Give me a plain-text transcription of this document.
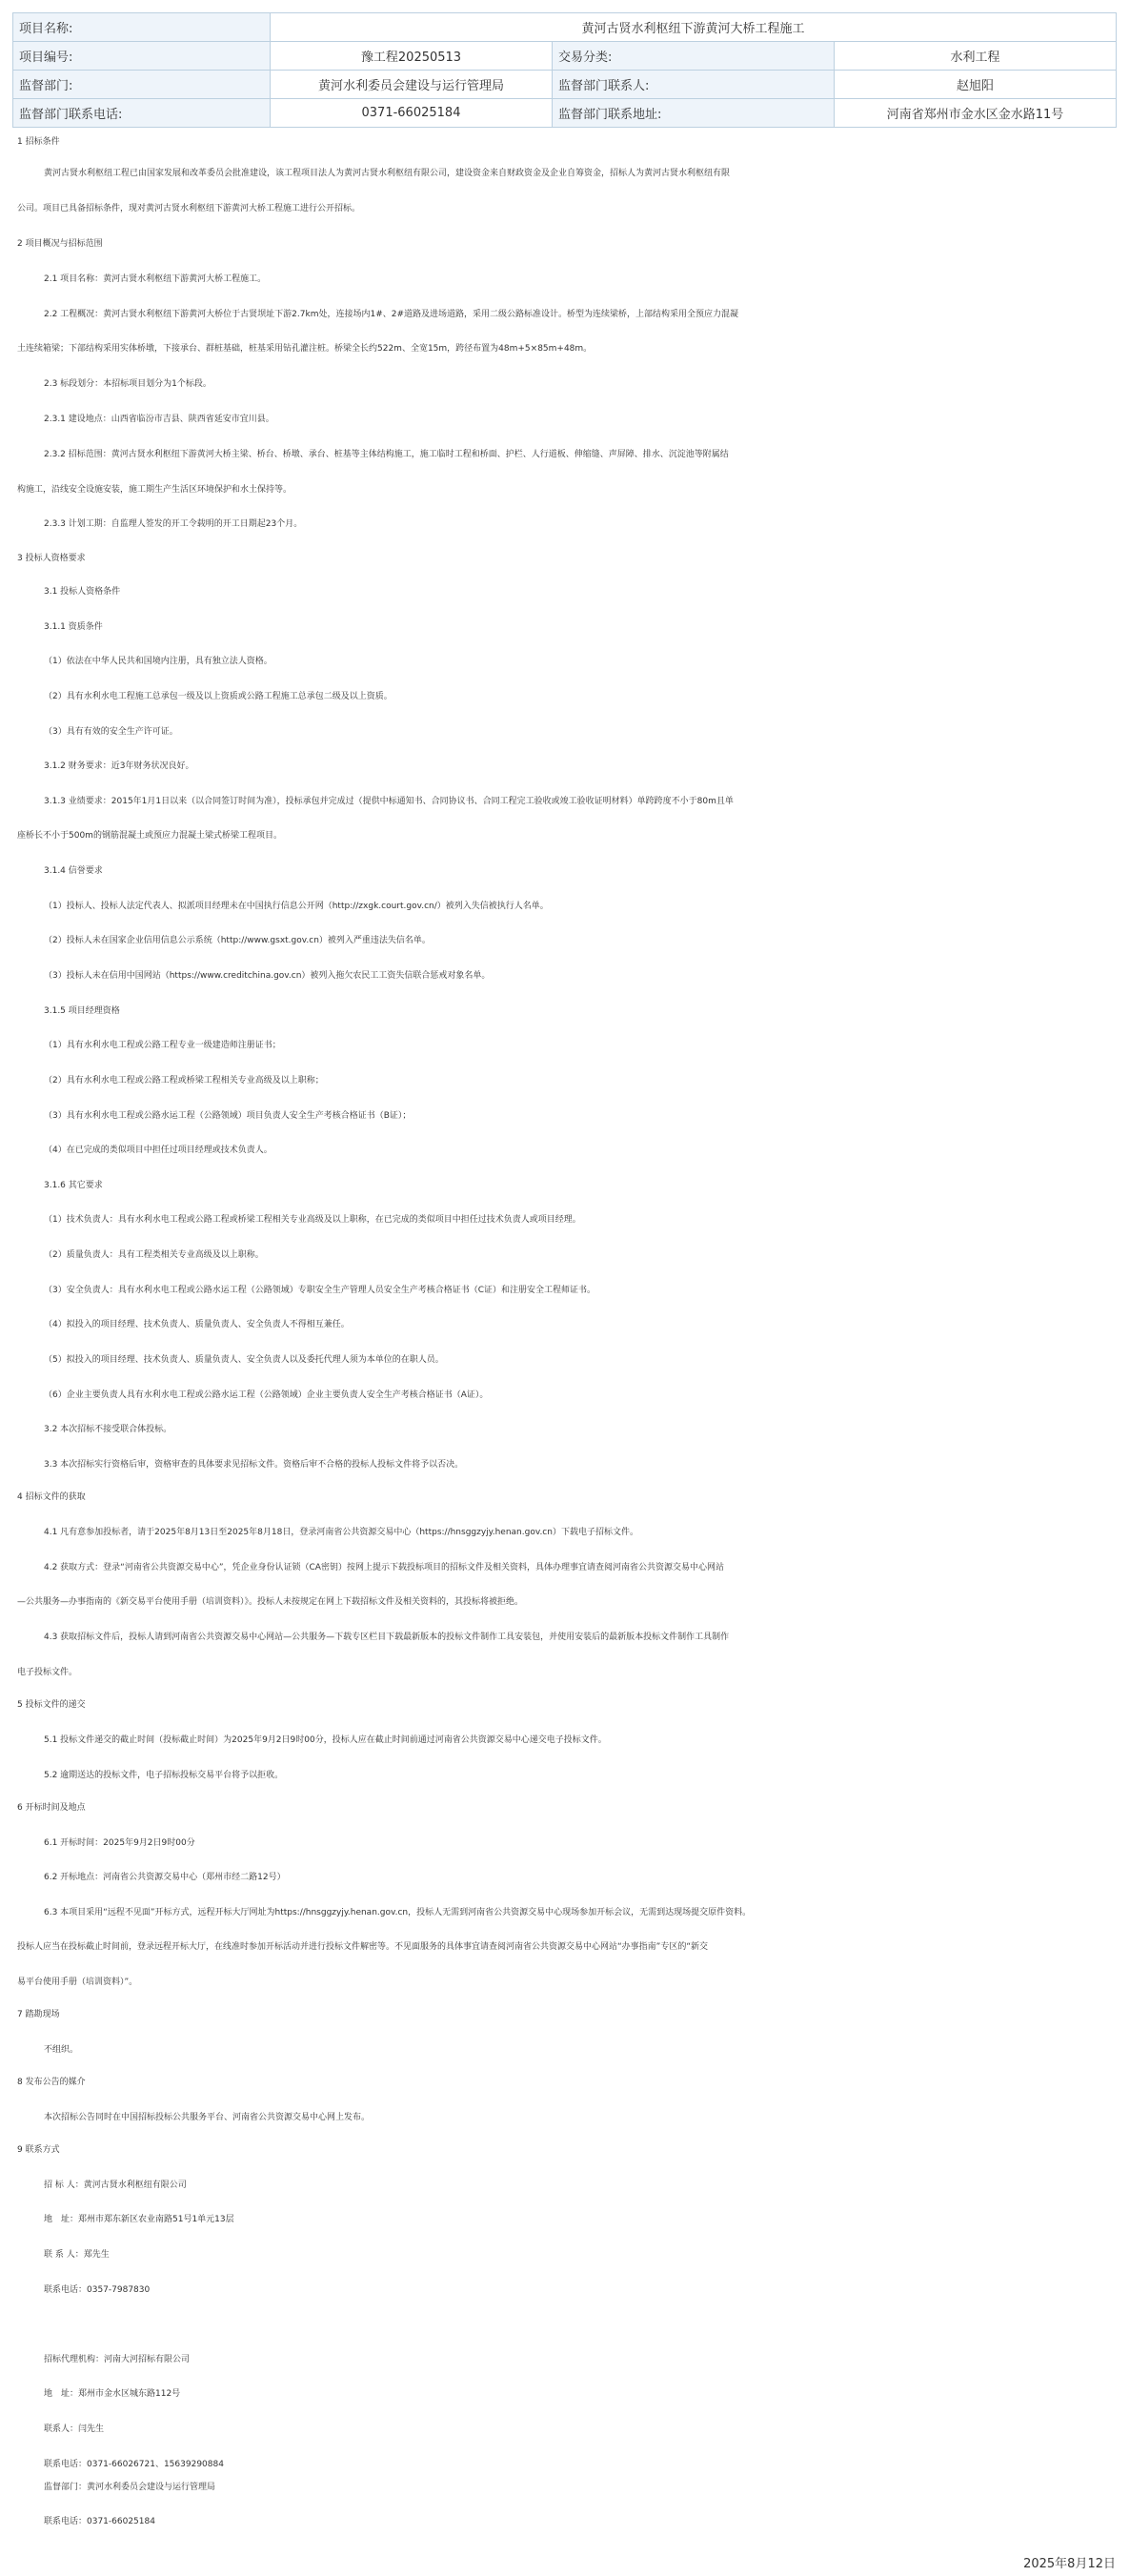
项目名称:	黄河古贤水利枢纽下游黄河大桥工程施工		
项目编号:	豫工程20250513	交易分类:	水利工程
监督部门:	黄河水利委员会建设与运行管理局	监督部门联系人:	赵旭阳
监督部门联系电话:	0371-66025184	监督部门联系地址:	河南省郑州市金水区金水路11号
1 招标条件
黄河古贤水利枢纽工程已由国家发展和改革委员会批准建设，该工程项目法人为黄河古贤水利枢纽有限公司，建设资金来自财政资金及企业自筹资金，招标人为黄河古贤水利枢纽有限
公司。项目已具备招标条件，现对黄河古贤水利枢纽下游黄河大桥工程施工进行公开招标。
2 项目概况与招标范围
2.1 项目名称：黄河古贤水利枢纽下游黄河大桥工程施工。
2.2 工程概况：黄河古贤水利枢纽下游黄河大桥位于古贤坝址下游2.7km处，连接场内1#、2#道路及进场道路，采用二级公路标准设计。桥型为连续梁桥，上部结构采用全预应力混凝
土连续箱梁；下部结构采用实体桥墩，下接承台、群桩基础，桩基采用钻孔灌注桩。桥梁全长约522m、全宽15m，跨径布置为48m+5×85m+48m。
2.3 标段划分：本招标项目划分为1个标段。
2.3.1 建设地点：山西省临汾市吉县、陕西省延安市宜川县。
2.3.2 招标范围：黄河古贤水利枢纽下游黄河大桥主梁、桥台、桥墩、承台、桩基等主体结构施工，施工临时工程和桥面、护栏、人行道板、伸缩缝、声屏障、排水、沉淀池等附属结
构施工，沿线安全设施安装，施工期生产生活区环境保护和水土保持等。
2.3.3 计划工期：自监理人签发的开工令载明的开工日期起23个月。
3 投标人资格要求
3.1 投标人资格条件
3.1.1 资质条件
（1）依法在中华人民共和国境内注册，具有独立法人资格。
（2）具有水利水电工程施工总承包一级及以上资质或公路工程施工总承包二级及以上资质。
（3）具有有效的安全生产许可证。
3.1.2 财务要求：近3年财务状况良好。
3.1.3 业绩要求：2015年1月1日以来（以合同签订时间为准），投标承包并完成过（提供中标通知书、合同协议书、合同工程完工验收或竣工验收证明材料）单跨跨度不小于80m且单
座桥长不小于500m的钢筋混凝土或预应力混凝土梁式桥梁工程项目。
3.1.4 信誉要求
（1）投标人、投标人法定代表人、拟派项目经理未在中国执行信息公开网（http://zxgk.court.gov.cn/）被列入失信被执行人名单。
（2）投标人未在国家企业信用信息公示系统（http://www.gsxt.gov.cn）被列入严重违法失信名单。
（3）投标人未在信用中国网站（https://www.creditchina.gov.cn）被列入拖欠农民工工资失信联合惩戒对象名单。
3.1.5 项目经理资格
（1）具有水利水电工程或公路工程专业一级建造师注册证书；
（2）具有水利水电工程或公路工程或桥梁工程相关专业高级及以上职称；
（3）具有水利水电工程或公路水运工程（公路领域）项目负责人安全生产考核合格证书（B证）；
（4）在已完成的类似项目中担任过项目经理或技术负责人。
3.1.6 其它要求
（1）技术负责人：具有水利水电工程或公路工程或桥梁工程相关专业高级及以上职称，在已完成的类似项目中担任过技术负责人或项目经理。
（2）质量负责人：具有工程类相关专业高级及以上职称。
（3）安全负责人：具有水利水电工程或公路水运工程（公路领域）专职安全生产管理人员安全生产考核合格证书（C证）和注册安全工程师证书。
（4）拟投入的项目经理、技术负责人、质量负责人、安全负责人不得相互兼任。
（5）拟投入的项目经理、技术负责人、质量负责人、安全负责人以及委托代理人须为本单位的在职人员。
（6）企业主要负责人具有水利水电工程或公路水运工程（公路领域）企业主要负责人安全生产考核合格证书（A证）。
3.2 本次招标不接受联合体投标。
3.3 本次招标实行资格后审，资格审查的具体要求见招标文件。资格后审不合格的投标人投标文件将予以否决。
4 招标文件的获取
4.1 凡有意参加投标者，请于2025年8月13日至2025年8月18日，登录河南省公共资源交易中心（https://hnsggzyjy.henan.gov.cn）下载电子招标文件。
4.2 获取方式：登录“河南省公共资源交易中心”，凭企业身份认证锁（CA密钥）按网上提示下载投标项目的招标文件及相关资料，具体办理事宜请查阅河南省公共资源交易中心网站
—公共服务—办事指南的《新交易平台使用手册（培训资料）》。投标人未按规定在网上下载招标文件及相关资料的，其投标将被拒绝。
4.3 获取招标文件后，投标人请到河南省公共资源交易中心网站—公共服务—下载专区栏目下载最新版本的投标文件制作工具安装包，并使用安装后的最新版本投标文件制作工具制作
电子投标文件。
5 投标文件的递交
5.1 投标文件递交的截止时间（投标截止时间）为2025年9月2日9时00分，投标人应在截止时间前通过河南省公共资源交易中心递交电子投标文件。
5.2 逾期送达的投标文件，电子招标投标交易平台将予以拒收。
6 开标时间及地点
6.1 开标时间：2025年9月2日9时00分
6.2 开标地点：河南省公共资源交易中心（郑州市经二路12号）
6.3 本项目采用“远程不见面”开标方式，远程开标大厅网址为https://hnsggzyjy.henan.gov.cn，投标人无需到河南省公共资源交易中心现场参加开标会议，无需到达现场提交原件资料。
投标人应当在投标截止时间前，登录远程开标大厅，在线准时参加开标活动并进行投标文件解密等。不见面服务的具体事宜请查阅河南省公共资源交易中心网站“办事指南”专区的“新交
易平台使用手册（培训资料）”。
7 踏勘现场
不组织。
8 发布公告的媒介
本次招标公告同时在中国招标投标公共服务平台、河南省公共资源交易中心网上发布。
9 联系方式
招 标 人：黄河古贤水利枢纽有限公司
地　址：郑州市郑东新区农业南路51号1单元13层
联 系 人：郑先生
联系电话：0357-7987830
招标代理机构：河南大河招标有限公司
地　址：郑州市金水区城东路112号
联系人：闫先生
联系电话：0371-66026721、15639290884
监督部门：黄河水利委员会建设与运行管理局
联系电话：0371-66025184
2025年8月12日
